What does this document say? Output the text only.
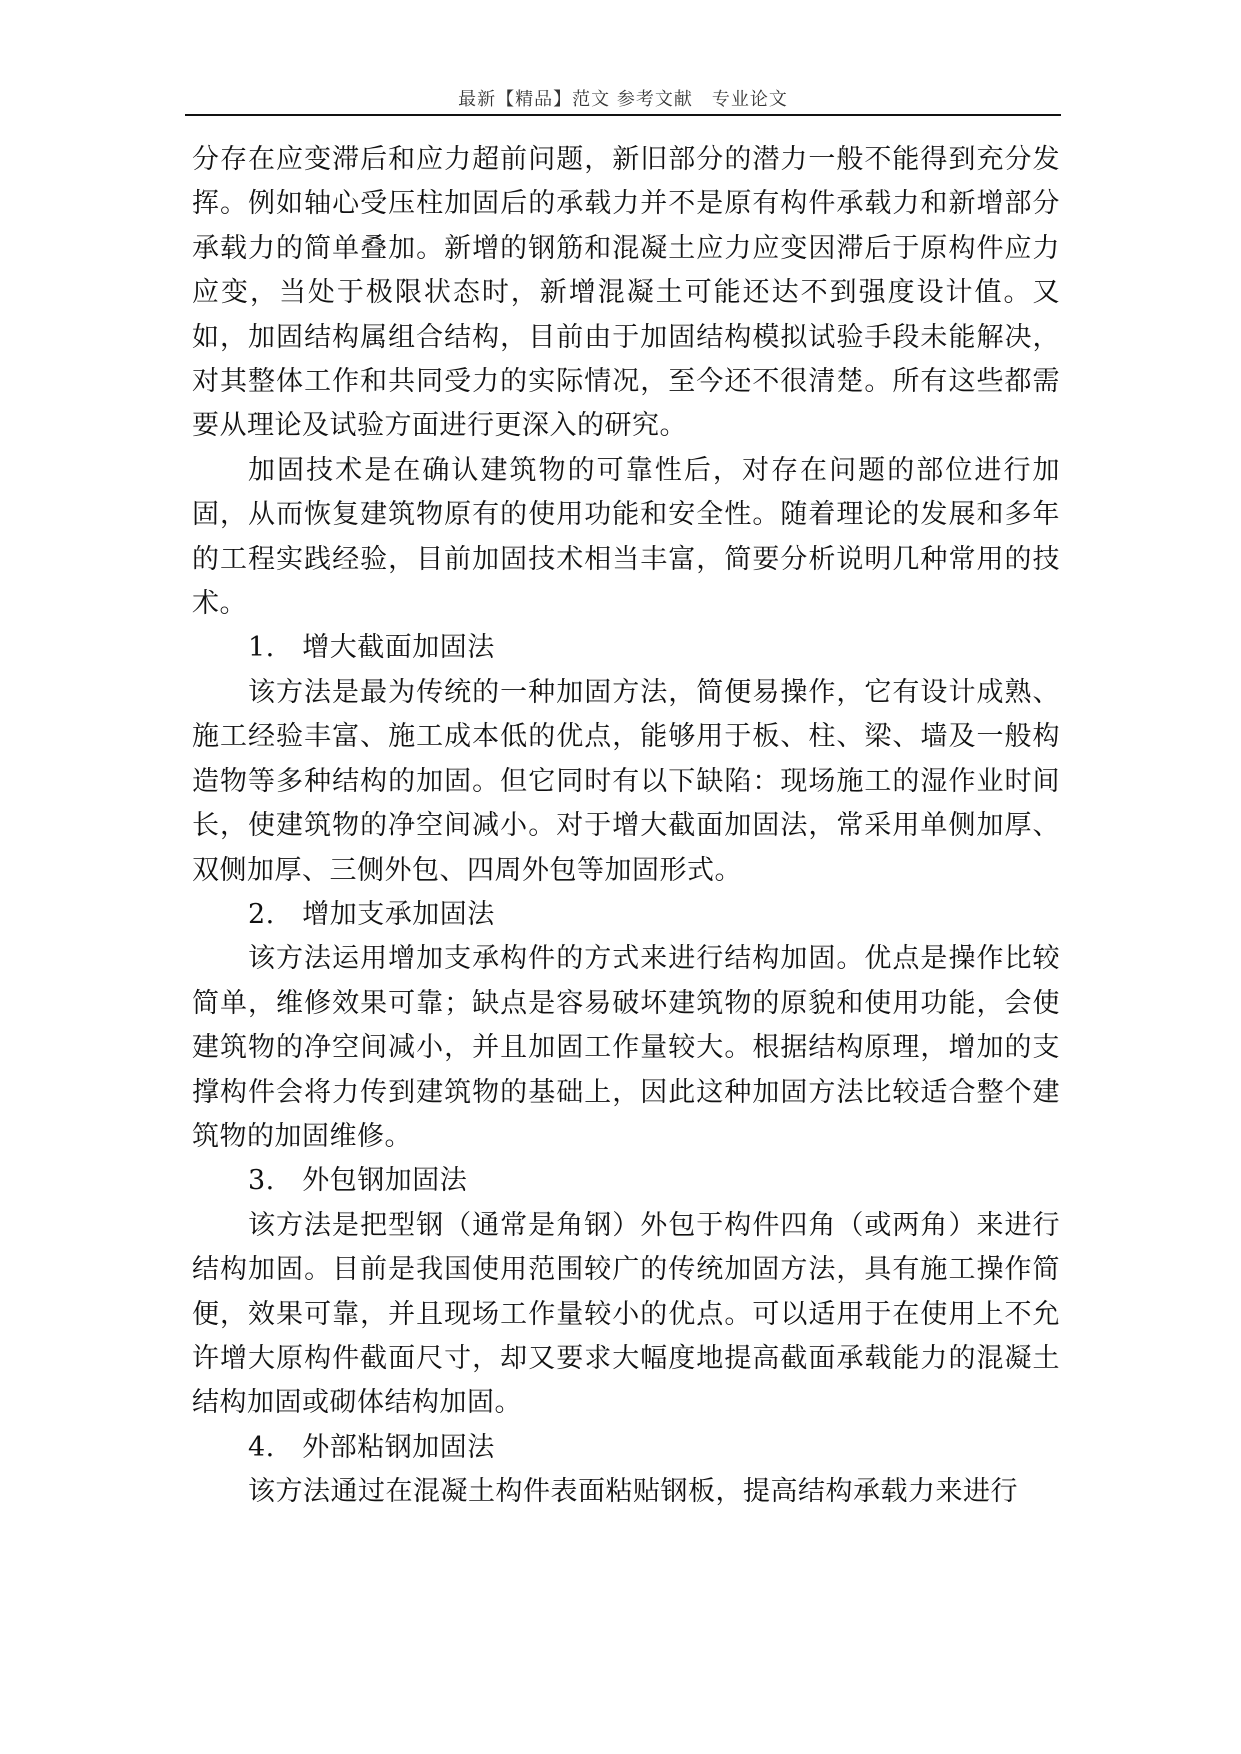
最新【精品】范文 参考文献　专业论文

分存在应变滞后和应力超前问题，新旧部分的潜力一般不能得到充分发挥。例如轴心受压柱加固后的承载力并不是原有构件承载力和新增部分承载力的简单叠加。新增的钢筋和混凝土应力应变因滞后于原构件应力应变，当处于极限状态时，新增混凝土可能还达不到强度设计值。又如，加固结构属组合结构，目前由于加固结构模拟试验手段未能解决，对其整体工作和共同受力的实际情况，至今还不很清楚。所有这些都需要从理论及试验方面进行更深入的研究。

加固技术是在确认建筑物的可靠性后，对存在问题的部位进行加固，从而恢复建筑物原有的使用功能和安全性。随着理论的发展和多年的工程实践经验，目前加固技术相当丰富，简要分析说明几种常用的技术。

1.　增大截面加固法

该方法是最为传统的一种加固方法，简便易操作，它有设计成熟、施工经验丰富、施工成本低的优点，能够用于板、柱、梁、墙及一般构造物等多种结构的加固。但它同时有以下缺陷：现场施工的湿作业时间长，使建筑物的净空间减小。对于增大截面加固法，常采用单侧加厚、双侧加厚、三侧外包、四周外包等加固形式。

2.　增加支承加固法

该方法运用增加支承构件的方式来进行结构加固。优点是操作比较简单，维修效果可靠；缺点是容易破坏建筑物的原貌和使用功能，会使建筑物的净空间减小，并且加固工作量较大。根据结构原理，增加的支撑构件会将力传到建筑物的基础上，因此这种加固方法比较适合整个建筑物的加固维修。

3.　外包钢加固法

该方法是把型钢（通常是角钢）外包于构件四角（或两角）来进行结构加固。目前是我国使用范围较广的传统加固方法，具有施工操作简便，效果可靠，并且现场工作量较小的优点。可以适用于在使用上不允许增大原构件截面尺寸，却又要求大幅度地提高截面承载能力的混凝土结构加固或砌体结构加固。

4.　外部粘钢加固法

该方法通过在混凝土构件表面粘贴钢板，提高结构承载力来进行
